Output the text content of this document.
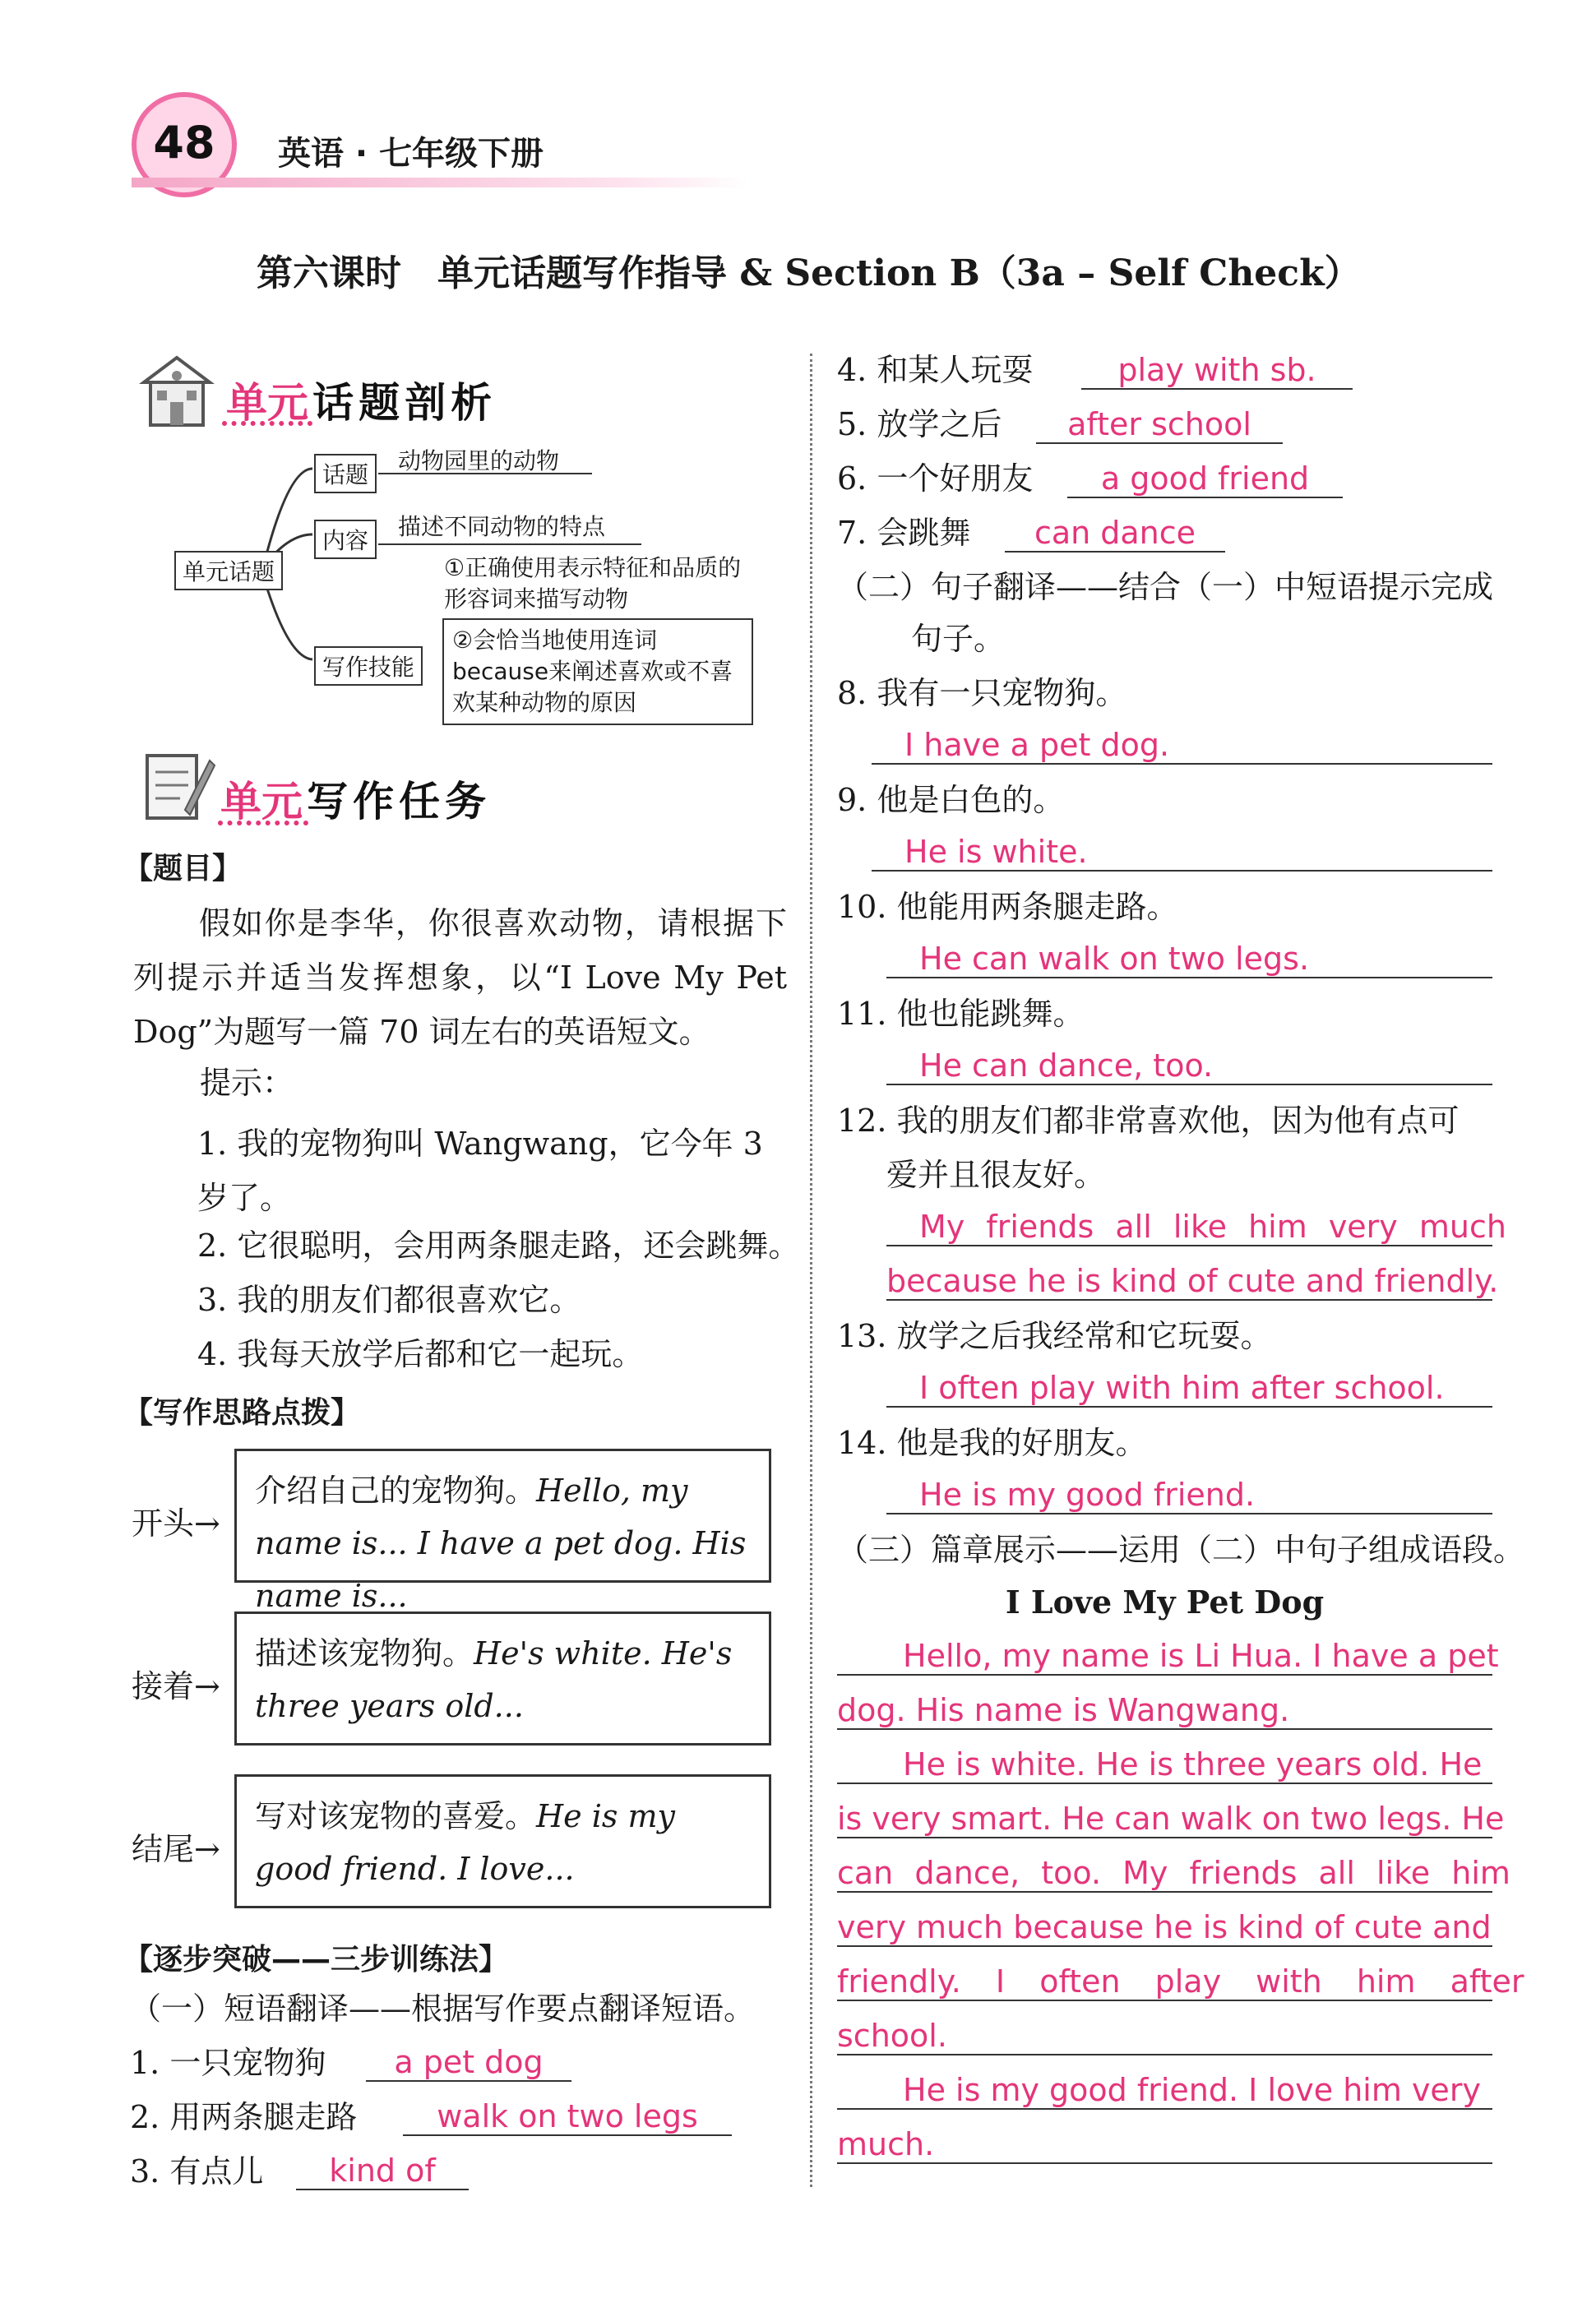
48	英语 · 七年级下册
第六课时　单元话题写作指导 & Section B（3a – Self Check）
单元 话题剖析
单元话题
话题
动物园里的动物
内容
描述不同动物的特点
写作技能
①正确使用表示特征和品质的形容词来描写动物
②会恰当地使用连词because来阐述喜欢或不喜欢某种动物的原因
单元 写作任务
【题目】
假如你是李华，你很喜欢动物，请根据下列提示并适当发挥想象，以“I Love My Pet Dog”为题写一篇 70 词左右的英语短文。
提示：
1. 我的宠物狗叫 Wangwang，它今年 3 岁了。
2. 它很聪明，会用两条腿走路，还会跳舞。
3. 我的朋友们都很喜欢它。
4. 我每天放学后都和它一起玩。
【写作思路点拨】
开头→
介绍自己的宠物狗。Hello, my name is... I have a pet dog. His name is...
接着→
描述该宠物狗。He's white. He's three years old...
结尾→
写对该宠物的喜爱。He is my good friend. I love...
【逐步突破——三步训练法】
（一）短语翻译——根据写作要点翻译短语。
1. 一只宠物狗	a pet dog
2. 用两条腿走路	walk on two legs
3. 有点儿	kind of
4. 和某人玩耍	play with sb.
5. 放学之后	after school
6. 一个好朋友	a good friend
7. 会跳舞	can dance
（二）句子翻译——结合（一）中短语提示完成
句子。
8. 我有一只宠物狗。
I have a pet dog.
9. 他是白色的。
He is white.
10. 他能用两条腿走路。
He can walk on two legs.
11. 他也能跳舞。
He can dance, too.
12. 我的朋友们都非常喜欢他，因为他有点可
爱并且很友好。
My friends all like him very much
because he is kind of cute and friendly.
13. 放学之后我经常和它玩耍。
I often play with him after school.
14. 他是我的好朋友。
He is my good friend.
（三）篇章展示——运用（二）中句子组成语段。
I Love My Pet Dog
Hello, my name is Li Hua. I have a pet
dog. His name is Wangwang.
He is white. He is three years old. He
is very smart. He can walk on two legs. He
can dance, too. My friends all like him
very much because he is kind of cute and
friendly. I often play with him after
school.
He is my good friend. I love him very
much.
